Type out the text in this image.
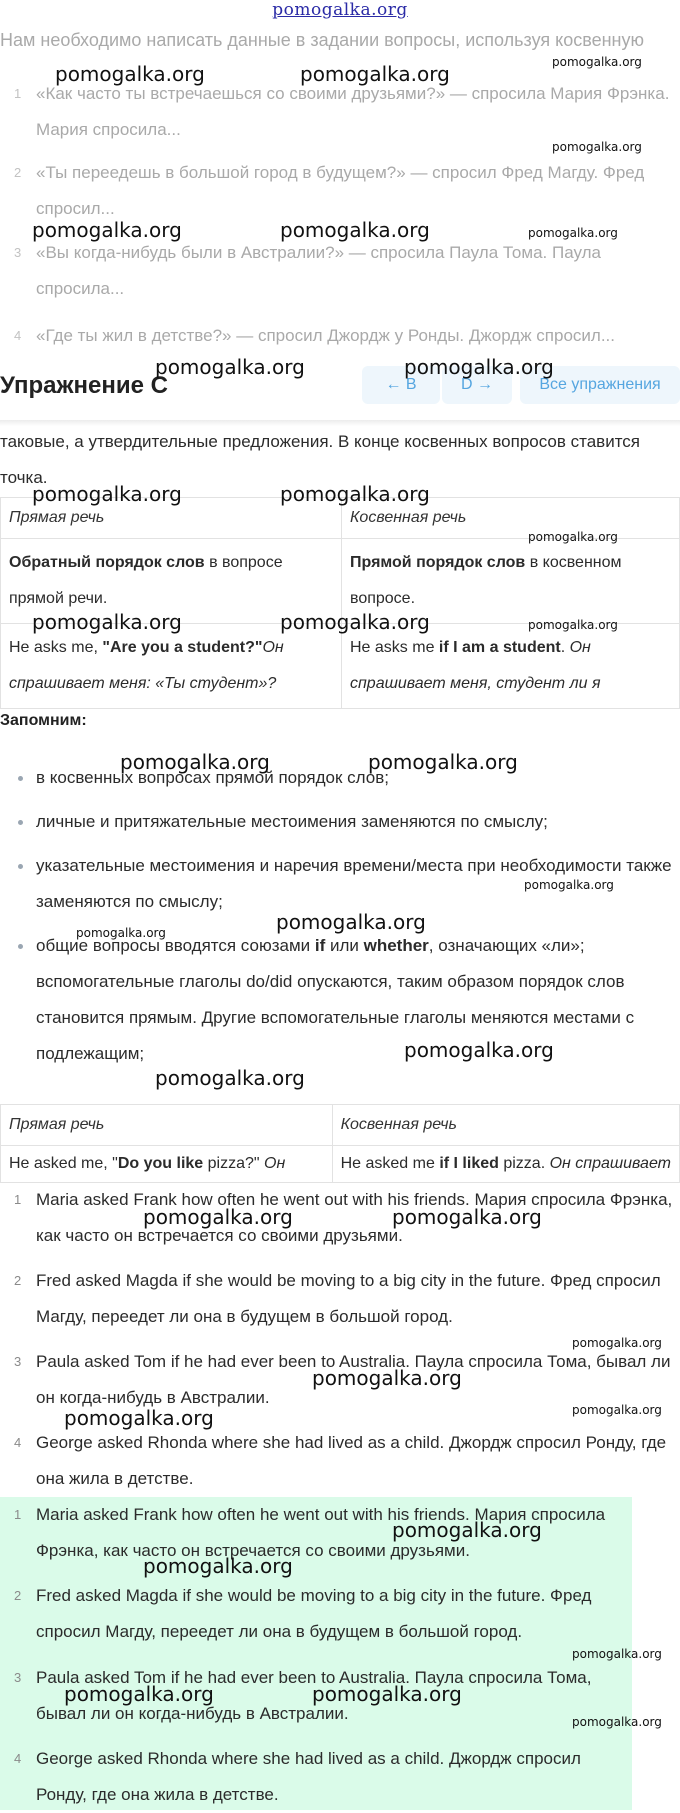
pomogalka.org
Нам необходимо написать данные в задании вопросы, используя косвенную
1 «Как часто ты встречаешься со своими друзьями?» — спросила Мария Фрэнка. Мария спросила...
2 «Ты переедешь в большой город в будущем?» — спросил Фред Магду. Фред спросил...
3 «Вы когда-нибудь были в Австралии?» — спросила Паула Тома. Паула спросила...
4 «Где ты жил в детстве?» — спросил Джордж у Ронды. Джордж спросил...
Упражнение C	← B	D →	Все упражнения
таковые, а утвердительные предложения. В конце косвенных вопросов ставится точка.
Прямая речь	Косвенная речь
Обратный порядок слов в вопросе прямой речи.	Прямой порядок слов в косвенном вопросе.
He asks me, "Are you a student?"Он спрашивает меня: «Ты студент»?	He asks me if I am a student. Он спрашивает меня, студент ли я
Запомним:
в косвенных вопросах прямой порядок слов;
личные и притяжательные местоимения заменяются по смыслу;
указательные местоимения и наречия времени/места при необходимости также заменяются по смыслу;
общие вопросы вводятся союзами if или whether, означающих «ли»; вспомогательные глаголы do/did опускаются, таким образом порядок слов становится прямым. Другие вспомогательные глаголы меняются местами с подлежащим;
Прямая речь	Косвенная речь
He asked me, "Do you like pizza?" Он	He asked me if I liked pizza. Он спрашивает
1 Maria asked Frank how often he went out with his friends. Мария спросила Фрэнка, как часто он встречается со своими друзьями.
2 Fred asked Magda if she would be moving to a big city in the future. Фред спросил Магду, переедет ли она в будущем в большой город.
3 Paula asked Tom if he had ever been to Australia. Паула спросила Тома, бывал ли он когда-нибудь в Австралии.
4 George asked Rhonda where she had lived as a child. Джордж спросил Ронду, где она жила в детстве.
1 Maria asked Frank how often he went out with his friends. Мария спросила Фрэнка, как часто он встречается со своими друзьями.
2 Fred asked Magda if she would be moving to a big city in the future. Фред спросил Магду, переедет ли она в будущем в большой город.
3 Paula asked Tom if he had ever been to Australia. Паула спросила Тома, бывал ли он когда-нибудь в Австралии.
4 George asked Rhonda where she had lived as a child. Джордж спросил Ронду, где она жила в детстве.
pomogalka.org	pomogalka.org	pomogalka.org
pomogalka.org
pomogalka.org	pomogalka.org	pomogalka.org
pomogalka.org	pomogalka.org
pomogalka.org	pomogalka.org
pomogalka.org
pomogalka.org	pomogalka.org	pomogalka.org
pomogalka.org	pomogalka.org
pomogalka.org
pomogalka.org
pomogalka.org
pomogalka.org
pomogalka.org
pomogalka.org	pomogalka.org
pomogalka.org
pomogalka.org
pomogalka.org
pomogalka.org
pomogalka.org
pomogalka.org
pomogalka.org
pomogalka.org	pomogalka.org
pomogalka.org
